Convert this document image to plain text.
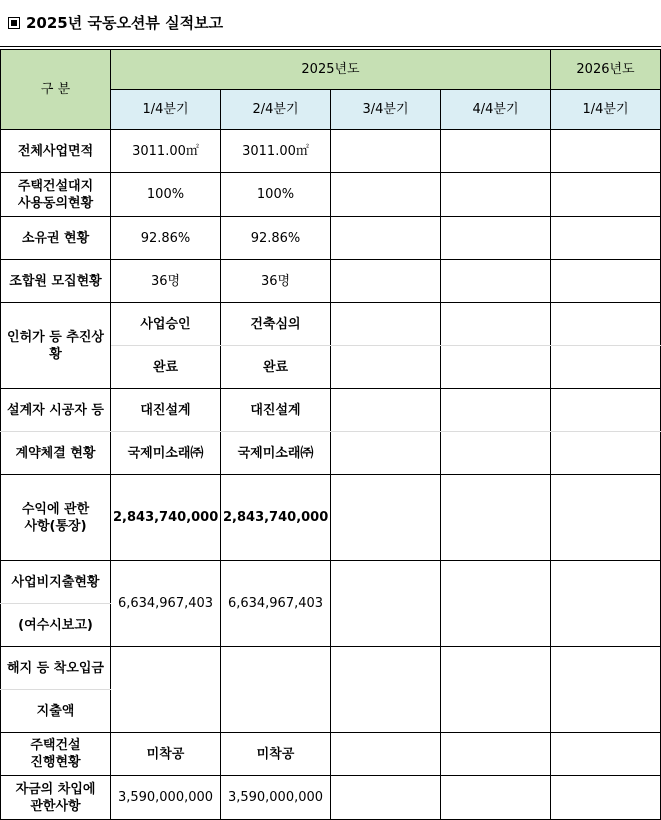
2025년 국동오션뷰 실적보고
구 분	2025년도				2026년도
	1/4분기	2/4분기	3/4분기	4/4분기	1/4분기
전체사업면적	3011.00㎡	3011.00㎡			
주택건설대지
사용동의현황	100%	100%			
소유권 현황	92.86%	92.86%			
조합원 모집현황	36명	36명			
인허가 등 추진상황	사업승인	건축심의			
	완료	완료			
설계자 시공자 등	대진설계	대진설계			
계약체결 현황	국제미소래㈜	국제미소래㈜			
수익에 관한
사항(통장)	2,843,740,000	2,843,740,000			
사업비지출현황	6,634,967,403	6,634,967,403			
(여수시보고)					
해지 등 착오입금					
지출액					
주택건설
진행현황	미착공	미착공			
자금의 차입에
관한사항	3,590,000,000	3,590,000,000			
